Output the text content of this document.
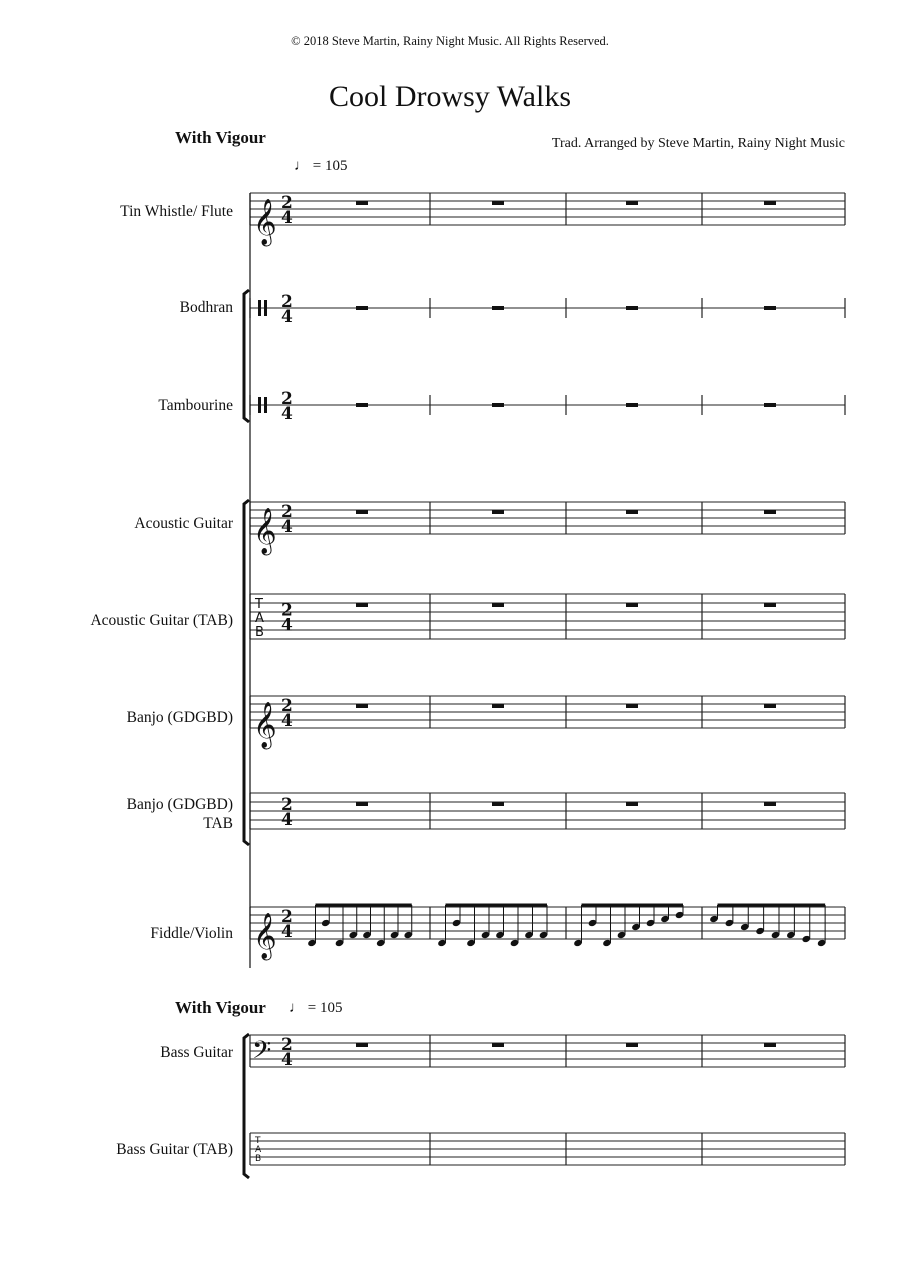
© 2018 Steve Martin, Rainy Night Music. All Rights Reserved.
Cool Drowsy Walks
With Vigour
♩ = 105
Trad. Arranged by Steve Martin, Rainy Night Music
Tin Whistle/ Flute
Bodhran
Tambourine
Acoustic Guitar
Acoustic Guitar (TAB)
Banjo (GDGBD)
Banjo (GDGBD)
TAB
Fiddle/Violin
With Vigour ♩ = 105
Bass Guitar
Bass Guitar (TAB)
𝄞 2
4
2
4
2
4
𝄞 2
4
T
A
B
2
4
𝄞 2
4
2
4
𝄞 2
4
𝄢 2
4
T
A
B
